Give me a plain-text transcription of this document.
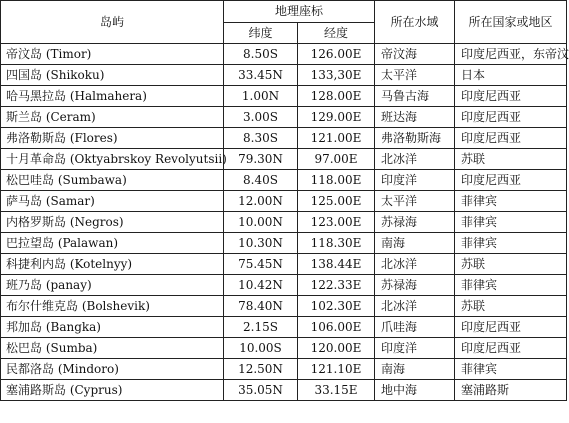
岛屿	地理座标		所在水域	所在国家或地区
	纬度	经度		
帝汶岛 (Timor)	8.50S	126.00E	帝汶海	印度尼西亚，东帝汶
四国岛 (Shikoku)	33.45N	133,30E	太平洋	日本
哈马黑拉岛 (Halmahera)	1.00N	128.00E	马鲁古海	印度尼西亚
斯兰岛 (Ceram)	3.00S	129.00E	班达海	印度尼西亚
弗洛勒斯岛 (Flores)	8.30S	121.00E	弗洛勒斯海	印度尼西亚
十月革命岛 (Oktyabrskoy Revolyutsii)	79.30N	97.00E	北冰洋	苏联
松巴哇岛 (Sumbawa)	8.40S	118.00E	印度洋	印度尼西亚
萨马岛 (Samar)	12.00N	125.00E	太平洋	菲律宾
内格罗斯岛 (Negros)	10.00N	123.00E	苏禄海	菲律宾
巴拉望岛 (Palawan)	10.30N	118.30E	南海	菲律宾
科捷利内岛 (Kotelnyy)	75.45N	138.44E	北冰洋	苏联
班乃岛 (panay)	10.42N	122.33E	苏禄海	菲律宾
布尔什维克岛 (Bolshevik)	78.40N	102.30E	北冰洋	苏联
邦加岛 (Bangka)	2.15S	106.00E	爪哇海	印度尼西亚
松巴岛 (Sumba)	10.00S	120.00E	印度洋	印度尼西亚
民都洛岛 (Mindoro)	12.50N	121.10E	南海	菲律宾
塞浦路斯岛 (Cyprus)	35.05N	33.15E	地中海	塞浦路斯
